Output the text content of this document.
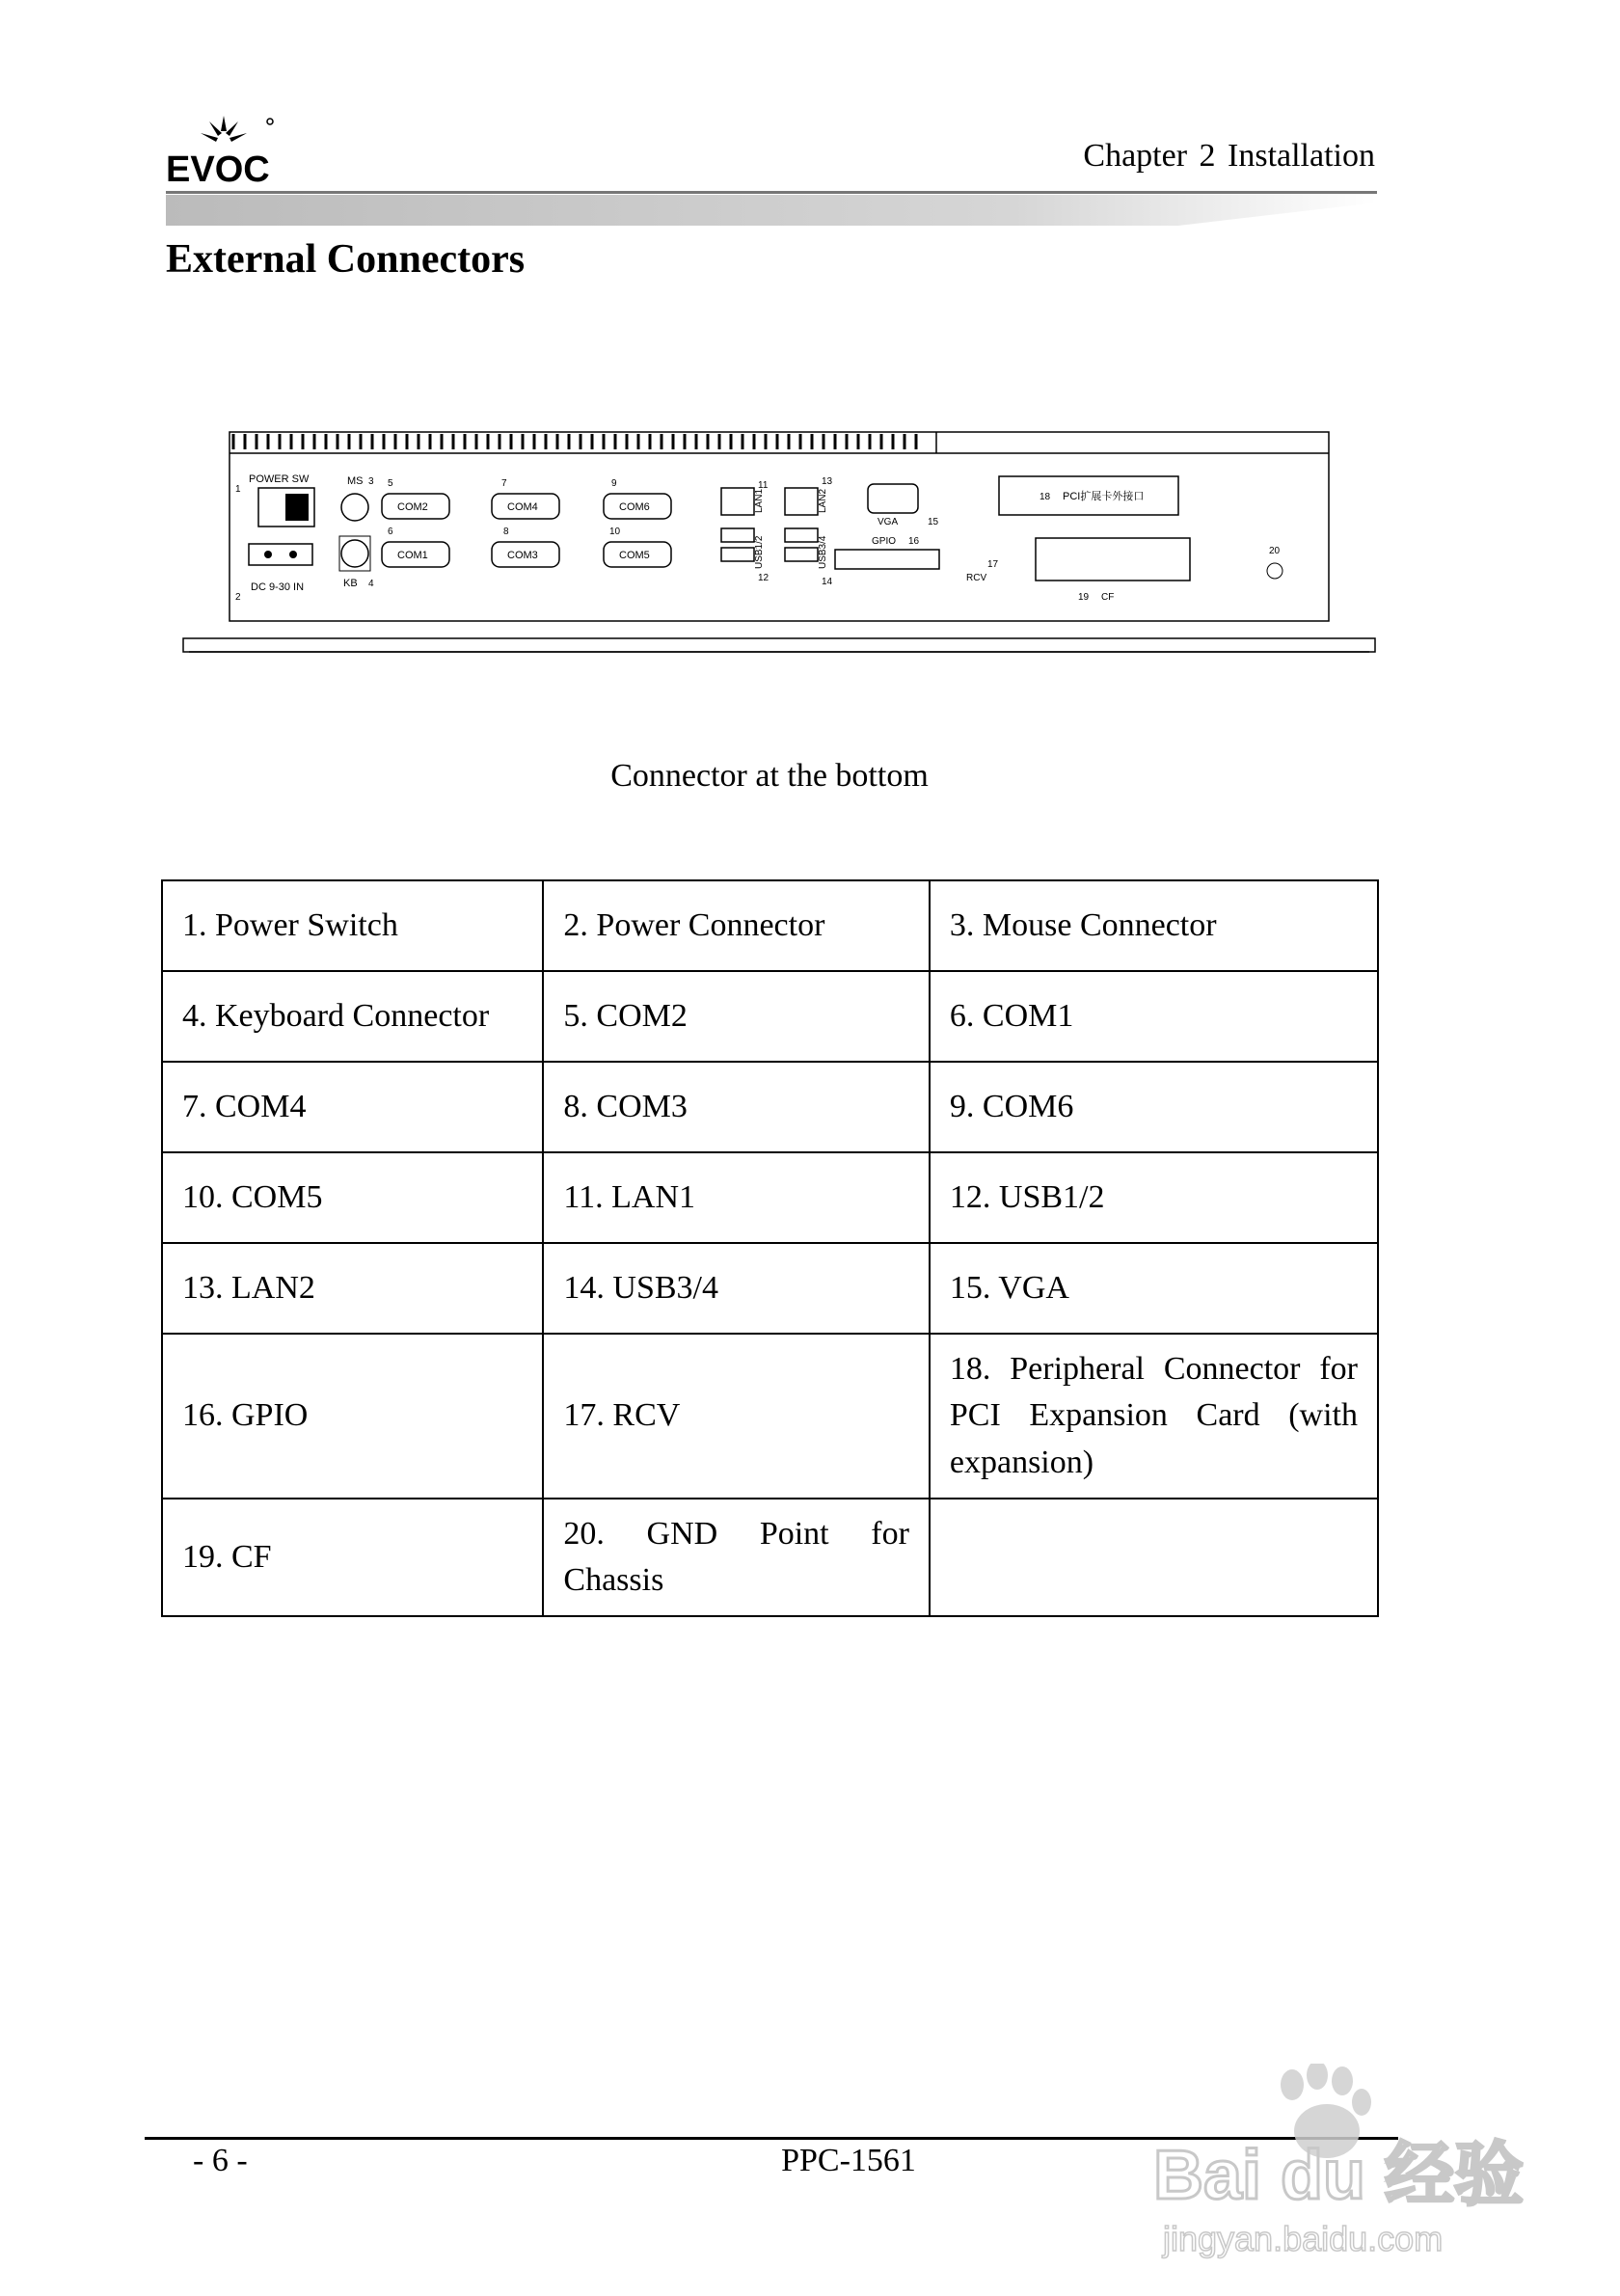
EVOC	Chapter 2 Installation
External Connectors
POWER SW
DC 9-30 IN
MS
KB
COM2
COM1
COM4
COM3
COM6
COM5
LAN1	LAN2
USB1/2	USB3/4
VGA
GPIO
RCV
PCI扩展卡外接口
CF
1
2
3
4
5
6
7
8
9
10
11
12
13
14
15
16
17
18
19
20
Connector at the bottom
1. Power Switch	2. Power Connector	3. Mouse Connector
4. Keyboard Connector	5. COM2	6. COM1
7. COM4	8. COM3	9. COM6
10. COM5	11. LAN1	12. USB1/2
13. LAN2	14. USB3/4	15. VGA
16. GPIO	17. RCV	18. Peripheral Connector for PCI Expansion Card (with expansion)
19. CF	20. GND Point for Chassis	
- 6 -	PPC-1561	Bai du 经验
jingyan.baidu.com
